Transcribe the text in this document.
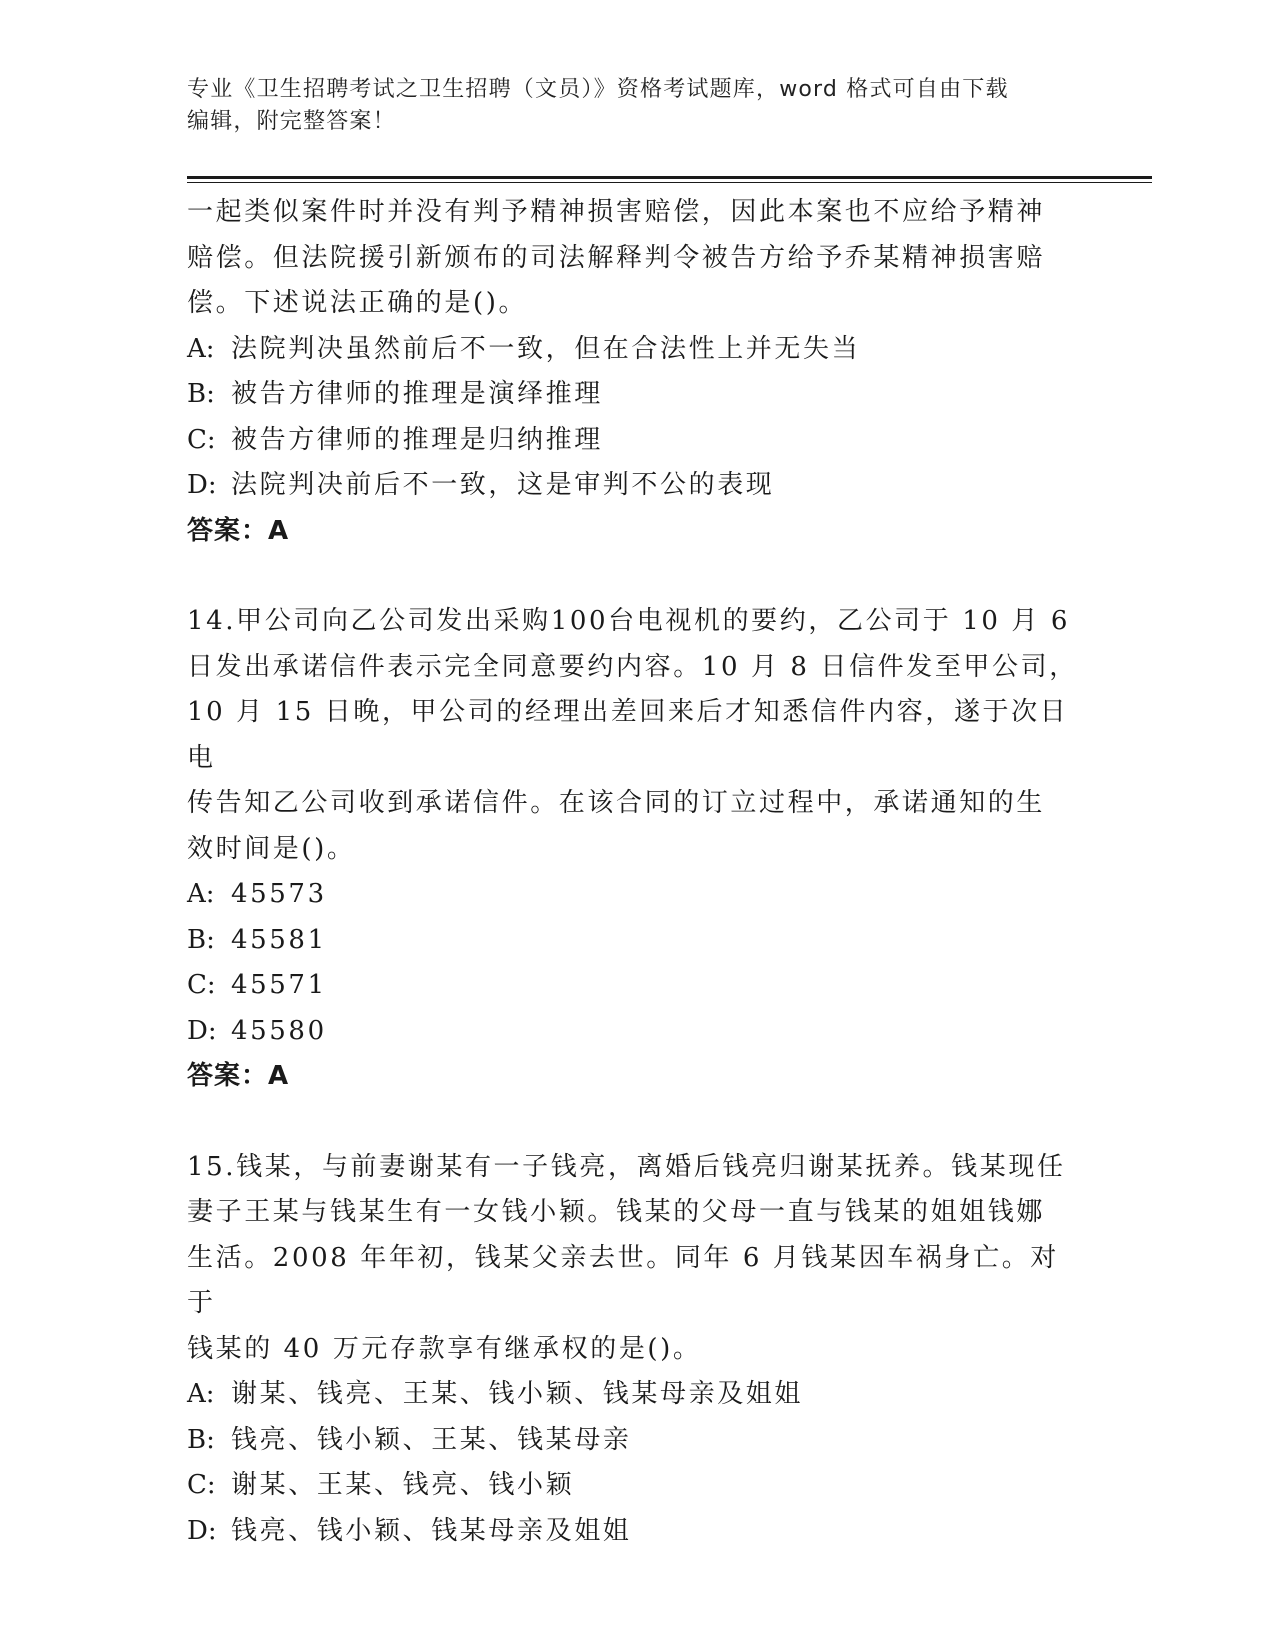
专业《卫生招聘考试之卫生招聘（文员）》资格考试题库，word 格式可自由下载
编辑，附完整答案！

一起类似案件时并没有判予精神损害赔偿，因此本案也不应给予精神

赔偿。但法院援引新颁布的司法解释判令被告方给予乔某精神损害赔

偿。下述说法正确的是()。

A: 法院判决虽然前后不一致，但在合法性上并无失当

B: 被告方律师的推理是演绎推理

C: 被告方律师的推理是归纳推理

D: 法院判决前后不一致，这是审判不公的表现

答案：A

14.甲公司向乙公司发出采购100台电视机的要约，乙公司于 10 月 6

日发出承诺信件表示完全同意要约内容。10 月 8 日信件发至甲公司，

10 月 15 日晚，甲公司的经理出差回来后才知悉信件内容，遂于次日电

传告知乙公司收到承诺信件。在该合同的订立过程中，承诺通知的生

效时间是()。

A: 45573

B: 45581

C: 45571

D: 45580

答案：A

15.钱某，与前妻谢某有一子钱亮，离婚后钱亮归谢某抚养。钱某现任

妻子王某与钱某生有一女钱小颖。钱某的父母一直与钱某的姐姐钱娜

生活。2008 年年初，钱某父亲去世。同年 6 月钱某因车祸身亡。对于

钱某的 40 万元存款享有继承权的是()。

A: 谢某、钱亮、王某、钱小颖、钱某母亲及姐姐

B: 钱亮、钱小颖、王某、钱某母亲

C: 谢某、王某、钱亮、钱小颖

D: 钱亮、钱小颖、钱某母亲及姐姐
